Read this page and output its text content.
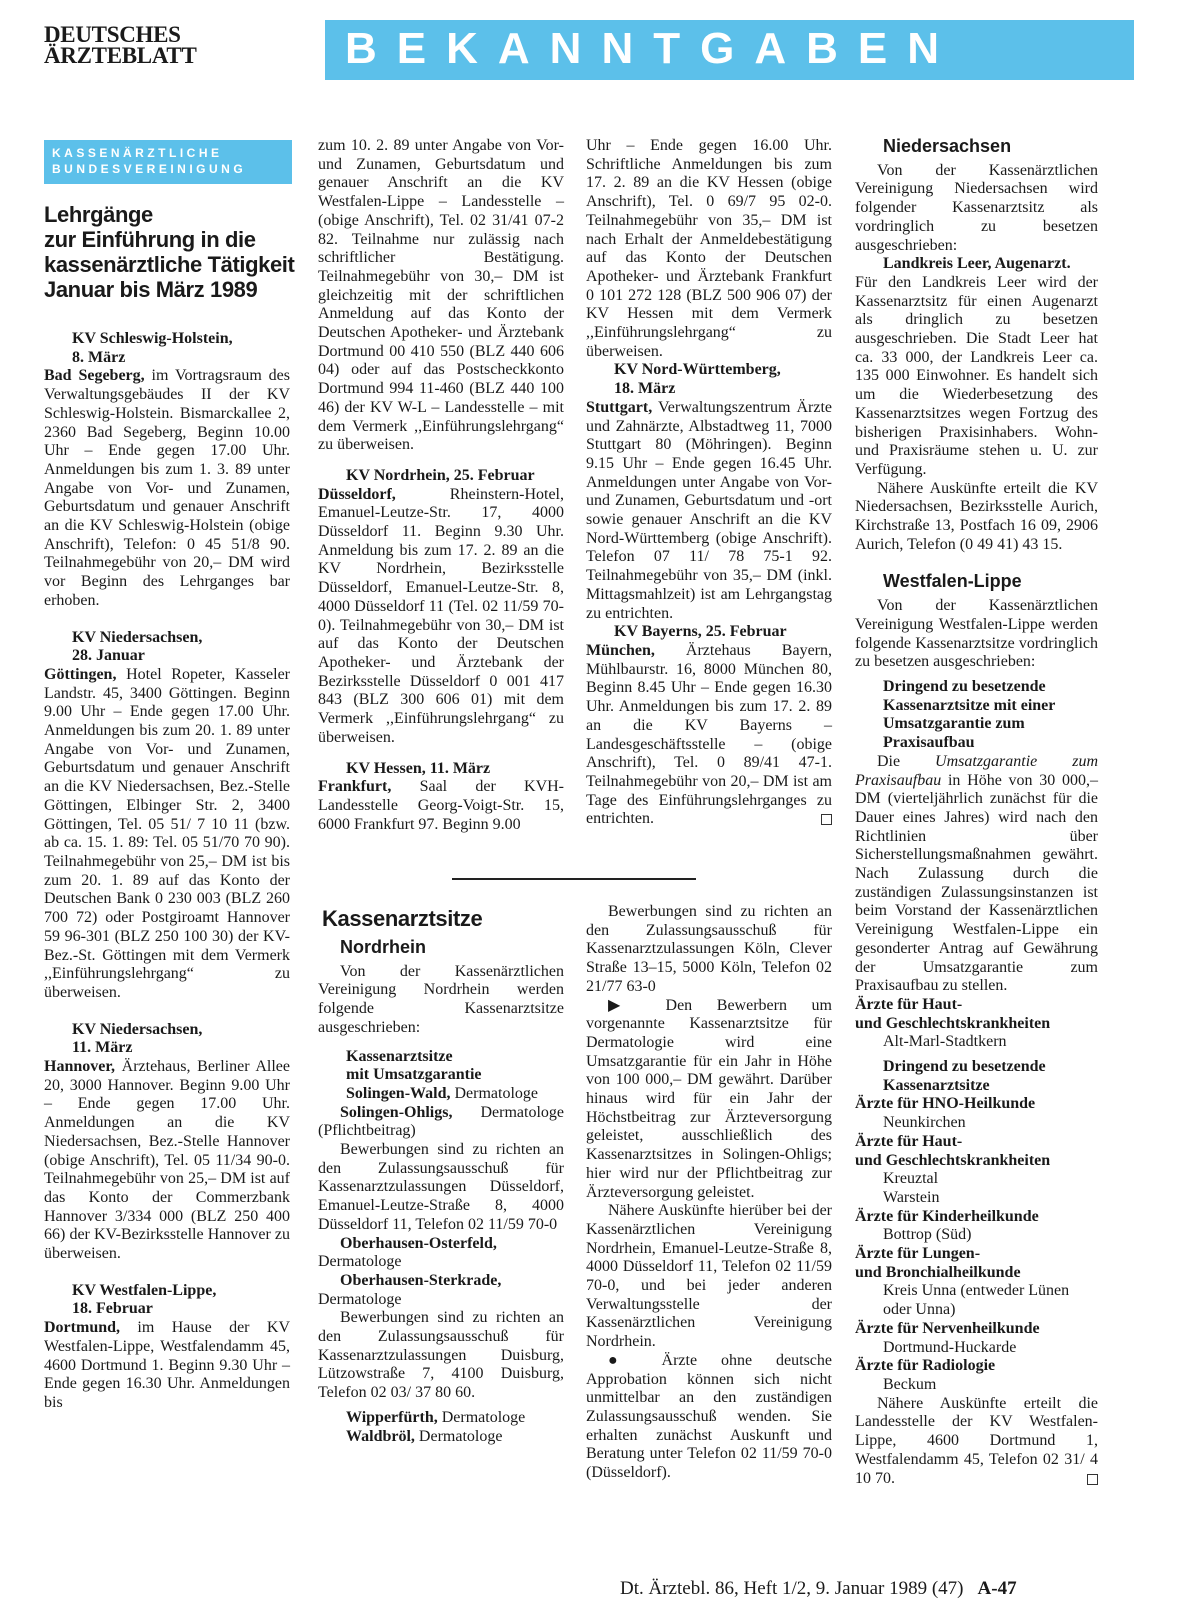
DEUTSCHES
ÄRZTEBLATT	BEKANNTGABEN
KASSENÄRZTLICHE
BUNDESVEREINIGUNG
Lehrgänge
zur Einführung in die
kassenärztliche Tätigkeit
Januar bis März 1989

KV Schleswig-Holstein,

8. März

Bad Segeberg, im Vortragsraum des Verwaltungsgebäudes II der KV Schleswig-Holstein. Bismarckallee 2, 2360 Bad Segeberg, Beginn 10.00 Uhr – Ende gegen 17.00 Uhr. Anmeldungen bis zum 1. 3. 89 unter Angabe von Vor- und Zunamen, Geburtsdatum und genauer Anschrift an die KV Schleswig-Holstein (obige Anschrift), Telefon: 0 45 51/8 90. Teilnahmegebühr von 20,– DM wird vor Beginn des Lehrganges bar erhoben.

KV Niedersachsen,

28. Januar

Göttingen, Hotel Ropeter, Kasseler Landstr. 45, 3400 Göttingen. Beginn 9.00 Uhr – Ende gegen 17.00 Uhr. Anmeldungen bis zum 20. 1. 89 unter Angabe von Vor- und Zunamen, Geburtsdatum und genauer Anschrift an die KV Niedersachsen, Bez.-Stelle Göttingen, Elbinger Str. 2, 3400 Göttingen, Tel. 05 51/ 7 10 11 (bzw. ab ca. 15. 1. 89: Tel. 05 51/70 70 90). Teilnahmegebühr von 25,– DM ist bis zum 20. 1. 89 auf das Konto der Deutschen Bank 0 230 003 (BLZ 260 700 72) oder Postgiroamt Hannover 59 96-301 (BLZ 250 100 30) der KV-Bez.-St. Göttingen mit dem Vermerk ,,Einführungslehrgang“ zu überweisen.

KV Niedersachsen,

11. März

Hannover, Ärztehaus, Berliner Allee 20, 3000 Hannover. Beginn 9.00 Uhr – Ende gegen 17.00 Uhr. Anmeldungen an die KV Niedersachsen, Bez.-Stelle Hannover (obige Anschrift), Tel. 05 11/34 90-0. Teilnahmegebühr von 25,– DM ist auf das Konto der Commerzbank Hannover 3/334 000 (BLZ 250 400 66) der KV-Bezirksstelle Hannover zu überweisen.

KV Westfalen-Lippe,

18. Februar

Dortmund, im Hause der KV Westfalen-Lippe, Westfalendamm 45, 4600 Dortmund 1. Beginn 9.30 Uhr – Ende gegen 16.30 Uhr. Anmeldungen bis

zum 10. 2. 89 unter Angabe von Vor- und Zunamen, Geburtsdatum und genauer Anschrift an die KV Westfalen-Lippe – Landesstelle – (obige Anschrift), Tel. 02 31/41 07-2 82. Teilnahme nur zulässig nach schriftlicher Bestätigung. Teilnahmegebühr von 30,– DM ist gleichzeitig mit der schriftlichen Anmeldung auf das Konto der Deutschen Apotheker- und Ärztebank Dortmund 00 410 550 (BLZ 440 606 04) oder auf das Postscheckkonto Dortmund 994 11-460 (BLZ 440 100 46) der KV W-L – Landesstelle – mit dem Vermerk ,,Einführungslehrgang“ zu überweisen.

KV Nordrhein, 25. Februar

Düsseldorf,	Rheinstern-Hotel, Emanuel-Leutze-Str. 17, 4000 Düsseldorf 11. Beginn 9.30 Uhr. Anmeldung bis zum 17. 2. 89 an die KV Nordrhein, Bezirksstelle Düsseldorf, Emanuel-Leutze-Str. 8, 4000 Düsseldorf 11 (Tel. 02 11/59 70-0). Teilnahmegebühr von 30,– DM ist auf das Konto der Deutschen Apotheker- und Ärztebank der Bezirksstelle Düsseldorf 0 001 417 843 (BLZ 300 606 01) mit dem Vermerk ,,Einführungslehrgang“ zu überweisen.

KV Hessen, 11. März

Frankfurt, Saal der KVH-Landesstelle Georg-Voigt-Str. 15, 6000 Frankfurt 97. Beginn 9.00

Uhr – Ende gegen 16.00 Uhr. Schriftliche Anmeldungen bis zum 17. 2. 89 an die KV Hessen (obige Anschrift), Tel. 0 69/7 95 02-0. Teilnahmegebühr von 35,– DM ist nach Erhalt der Anmeldebestätigung auf das Konto der Deutschen Apotheker- und Ärztebank Frankfurt 0 101 272 128 (BLZ 500 906 07) der KV Hessen mit dem Vermerk ,,Einführungslehrgang“ zu überweisen.

KV Nord-Württemberg,

18. März

Stuttgart, Verwaltungszentrum Ärzte und Zahnärzte, Albstadtweg 11, 7000 Stuttgart 80 (Möhringen). Beginn 9.15 Uhr – Ende gegen 16.45 Uhr. Anmeldungen unter Angabe von Vor- und Zunamen, Geburtsdatum und -ort sowie genauer Anschrift an die KV Nord-Württemberg (obige Anschrift). Telefon 07 11/ 78 75-1 92. Teilnahmegebühr von 35,– DM (inkl. Mittagsmahlzeit) ist am Lehrgangstag zu entrichten.

KV Bayerns, 25. Februar

München, Ärztehaus Bayern, Mühlbaurstr. 16, 8000 München 80, Beginn 8.45 Uhr – Ende gegen 16.30 Uhr. Anmeldungen bis zum 17. 2. 89 an die KV Bayerns – Landesgeschäftsstelle – (obige Anschrift), Tel. 0 89/41 47-1. Teilnahmegebühr von 20,– DM ist am Tage des Einführungslehrganges zu entrichten.

Kassenarztsitze

Nordrhein

Von der Kassenärztlichen Vereinigung Nordrhein werden folgende Kassenarztsitze ausgeschrieben:

Kassenarztsitze

mit Umsatzgarantie

Solingen-Wald, Dermatologe

Solingen-Ohligs, Dermatologe (Pflichtbeitrag)

Bewerbungen sind zu richten an den Zulassungsausschuß für Kassenarztzulassungen Düsseldorf, Emanuel-Leutze-Straße 8, 4000 Düsseldorf 11, Telefon 02 11/59 70-0

Oberhausen-Osterfeld, Dermatologe

Oberhausen-Sterkrade, Dermatologe

Bewerbungen sind zu richten an den Zulassungsausschuß für Kassenarztzulassungen Duisburg, Lützowstraße 7, 4100 Duisburg, Telefon 02 03/ 37 80 60.

Wipperfürth, Dermatologe

Waldbröl, Dermatologe

Bewerbungen sind zu richten an den Zulassungsausschuß für Kassenarztzulassungen Köln, Clever Straße 13–15, 5000 Köln, Telefon 02 21/77 63-0

▶ Den Bewerbern um vorgenannte Kassenarztsitze für Dermatologie wird eine Umsatzgarantie für ein Jahr in Höhe von 100 000,– DM gewährt. Darüber hinaus wird für ein Jahr der Höchstbeitrag zur Ärzteversorgung geleistet, ausschließlich des Kassenarztsitzes in Solingen-Ohligs; hier wird nur der Pflichtbeitrag zur Ärzteversorgung geleistet.

Nähere Auskünfte hierüber bei der Kassenärztlichen Vereinigung Nordrhein, Emanuel-Leutze-Straße 8, 4000 Düsseldorf 11, Telefon 02 11/59 70-0, und bei jeder anderen Verwaltungsstelle der Kassenärztlichen Vereinigung Nordrhein.

● Ärzte ohne deutsche Approbation können sich nicht unmittelbar an den zuständigen Zulassungsausschuß wenden. Sie erhalten zunächst Auskunft und Beratung unter Telefon 02 11/59 70-0 (Düsseldorf).

Niedersachsen

Von der Kassenärztlichen Vereinigung Niedersachsen wird folgender Kassenarztsitz als vordringlich zu besetzen ausgeschrieben:

Landkreis Leer, Augenarzt.

Für den Landkreis Leer wird der Kassenarztsitz für einen Augenarzt als dringlich zu besetzen ausgeschrieben. Die Stadt Leer hat ca. 33 000, der Landkreis Leer ca. 135 000 Einwohner. Es handelt sich um die Wiederbesetzung des Kassenarztsitzes wegen Fortzug des bisherigen Praxisinhabers. Wohn- und Praxisräume stehen u. U. zur Verfügung.

Nähere Auskünfte erteilt die KV Niedersachsen, Bezirksstelle Aurich, Kirchstraße 13, Postfach 16 09, 2906 Aurich, Telefon (0 49 41) 43 15.

Westfalen-Lippe

Von der Kassenärztlichen Vereinigung Westfalen-Lippe werden folgende Kassenarztsitze vordringlich zu besetzen ausgeschrieben:

Dringend zu besetzende Kassenarztsitze mit einer Umsatzgarantie zum Praxisaufbau

Die Umsatzgarantie zum Praxisaufbau in Höhe von 30 000,– DM (vierteljährlich zunächst für die Dauer eines Jahres) wird nach den Richtlinien über Sicherstellungsmaßnahmen gewährt. Nach Zulassung durch die zuständigen Zulassungsinstanzen ist beim Vorstand der Kassenärztlichen Vereinigung Westfalen-Lippe ein gesonderter Antrag auf Gewährung der Umsatzgarantie zum Praxisaufbau zu stellen.

Ärzte für Haut-

und Geschlechtskrankheiten

Alt-Marl-Stadtkern

Dringend zu besetzende Kassenarztsitze

Ärzte für HNO-Heilkunde

Neunkirchen

Ärzte für Haut-

und Geschlechtskrankheiten

Kreuztal

Warstein

Ärzte für Kinderheilkunde

Bottrop (Süd)

Ärzte für Lungen-

und Bronchialheilkunde

Kreis Unna (entweder Lünen oder Unna)

Ärzte für Nervenheilkunde

Dortmund-Huckarde

Ärzte für Radiologie

Beckum

Nähere Auskünfte erteilt die Landesstelle der KV Westfalen-Lippe, 4600 Dortmund 1, Westfalendamm 45, Telefon 02 31/ 4 10 70.

Dt. Ärztebl. 86, Heft 1/2, 9. Januar 1989 (47) A-47
